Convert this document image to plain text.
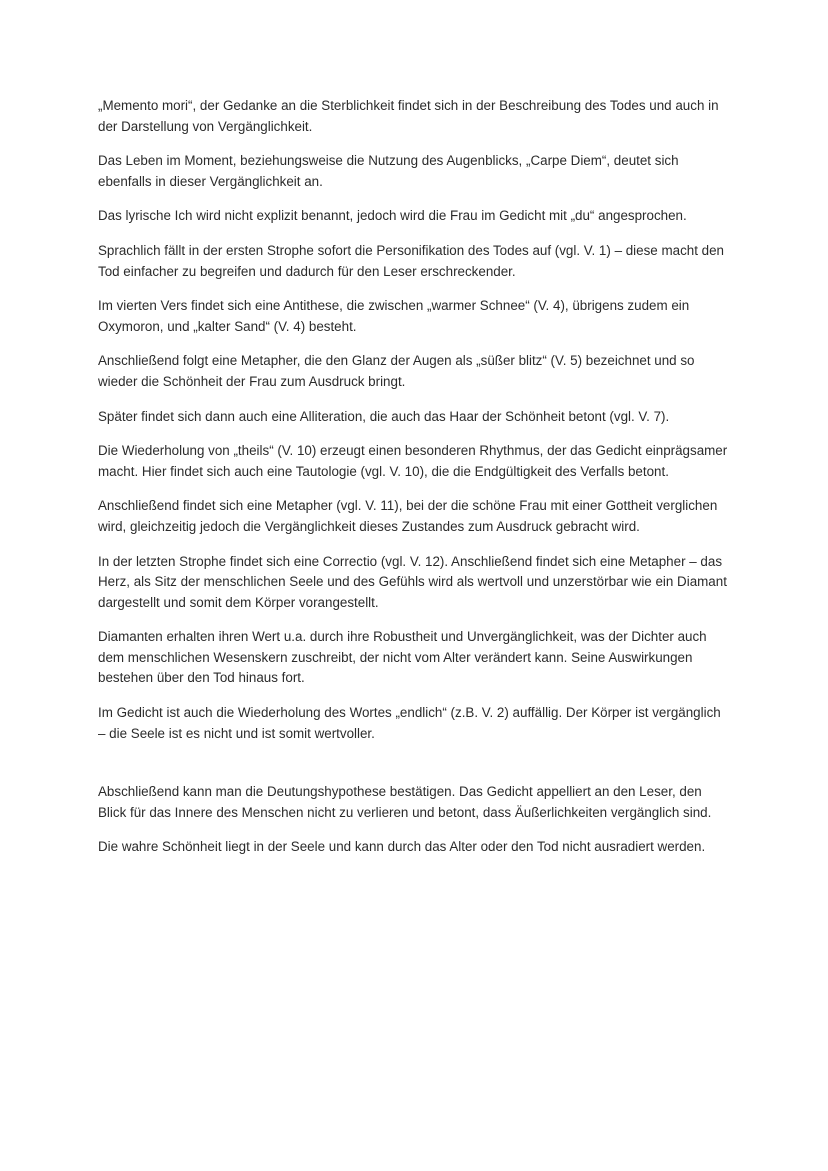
„Memento mori“, der Gedanke an die Sterblichkeit findet sich in der Beschreibung des Todes und auch in der Darstellung von Vergänglichkeit.

Das Leben im Moment, beziehungsweise die Nutzung des Augenblicks, „Carpe Diem“, deutet sich ebenfalls in dieser Vergänglichkeit an.

Das lyrische Ich wird nicht explizit benannt, jedoch wird die Frau im Gedicht mit „du“ angesprochen.

Sprachlich fällt in der ersten Strophe sofort die Personifikation des Todes auf (vgl. V. 1) – diese macht den Tod einfacher zu begreifen und dadurch für den Leser erschreckender.

Im vierten Vers findet sich eine Antithese, die zwischen „warmer Schnee“ (V. 4), übrigens zudem ein Oxymoron, und „kalter Sand“ (V. 4) besteht.

Anschließend folgt eine Metapher, die den Glanz der Augen als „süßer blitz“ (V. 5) bezeichnet und so wieder die Schönheit der Frau zum Ausdruck bringt.

Später findet sich dann auch eine Alliteration, die auch das Haar der Schönheit betont (vgl. V. 7).

Die Wiederholung von „theils“ (V. 10) erzeugt einen besonderen Rhythmus, der das Gedicht einprägsamer macht. Hier findet sich auch eine Tautologie (vgl. V. 10), die die Endgültigkeit des Verfalls betont.

Anschließend findet sich eine Metapher (vgl. V. 11), bei der die schöne Frau mit einer Gottheit verglichen wird, gleichzeitig jedoch die Vergänglichkeit dieses Zustandes zum Ausdruck gebracht wird.

In der letzten Strophe findet sich eine Correctio (vgl. V. 12). Anschließend findet sich eine Metapher – das Herz, als Sitz der menschlichen Seele und des Gefühls wird als wertvoll und unzerstörbar wie ein Diamant dargestellt und somit dem Körper vorangestellt.

Diamanten erhalten ihren Wert u.a. durch ihre Robustheit und Unvergänglichkeit, was der Dichter auch dem menschlichen Wesenskern zuschreibt, der nicht vom Alter verändert kann. Seine Auswirkungen bestehen über den Tod hinaus fort.

Im Gedicht ist auch die Wiederholung des Wortes „endlich“ (z.B. V. 2) auffällig. Der Körper ist vergänglich – die Seele ist es nicht und ist somit wertvoller.

Abschließend kann man die Deutungshypothese bestätigen. Das Gedicht appelliert an den Leser, den Blick für das Innere des Menschen nicht zu verlieren und betont, dass Äußerlichkeiten vergänglich sind.

Die wahre Schönheit liegt in der Seele und kann durch das Alter oder den Tod nicht ausradiert werden.
